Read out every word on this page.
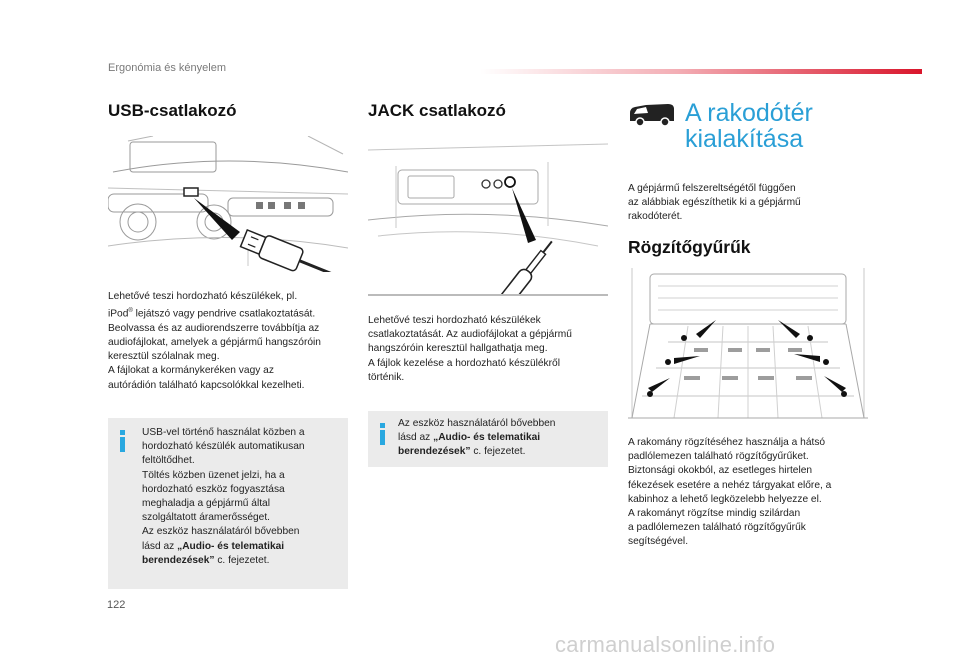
Ergonómia és kényelem
USB-csatlakozó
Lehetővé teszi hordozható készülékek, pl.
iPod® lejátszó vagy pendrive csatlakoztatását.
Beolvassa és az audiorendszerre továbbítja az
audiofájlokat, amelyek a gépjármű hangszóróin
keresztül szólalnak meg.
A fájlokat a kormánykeréken vagy az
autórádión található kapcsolókkal kezelheti.
USB-vel történő használat közben a
hordozható készülék automatikusan
feltöltődhet.
Töltés közben üzenet jelzi, ha a
hordozható eszköz fogyasztása
meghaladja a gépjármű által
szolgáltatott áramerősséget.
Az eszköz használatáról bővebben
lásd az „Audio- és telematikai
berendezések” c. fejezetet.
JACK csatlakozó
Lehetővé teszi hordozható készülékek
csatlakoztatását. Az audiofájlokat a gépjármű
hangszóróin keresztül hallgathatja meg.
A fájlok kezelése a hordozható készülékről
történik.
Az eszköz használatáról bővebben
lásd az „Audio- és telematikai
berendezések” c. fejezetet.
A rakodótér
kialakítása
A gépjármű felszereltségétől függően
az alábbiak egészíthetik ki a gépjármű
rakodóterét.
Rögzítőgyűrűk
A rakomány rögzítéséhez használja a hátsó
padlólemezen található rögzítőgyűrűket.
Biztonsági okokból, az esetleges hirtelen
fékezések esetére a nehéz tárgyakat előre, a
kabinhoz a lehető legközelebb helyezze el.
A rakományt rögzítse mindig szilárdan
a padlólemezen található rögzítőgyűrűk
segítségével.
122
carmanualsonline.info
